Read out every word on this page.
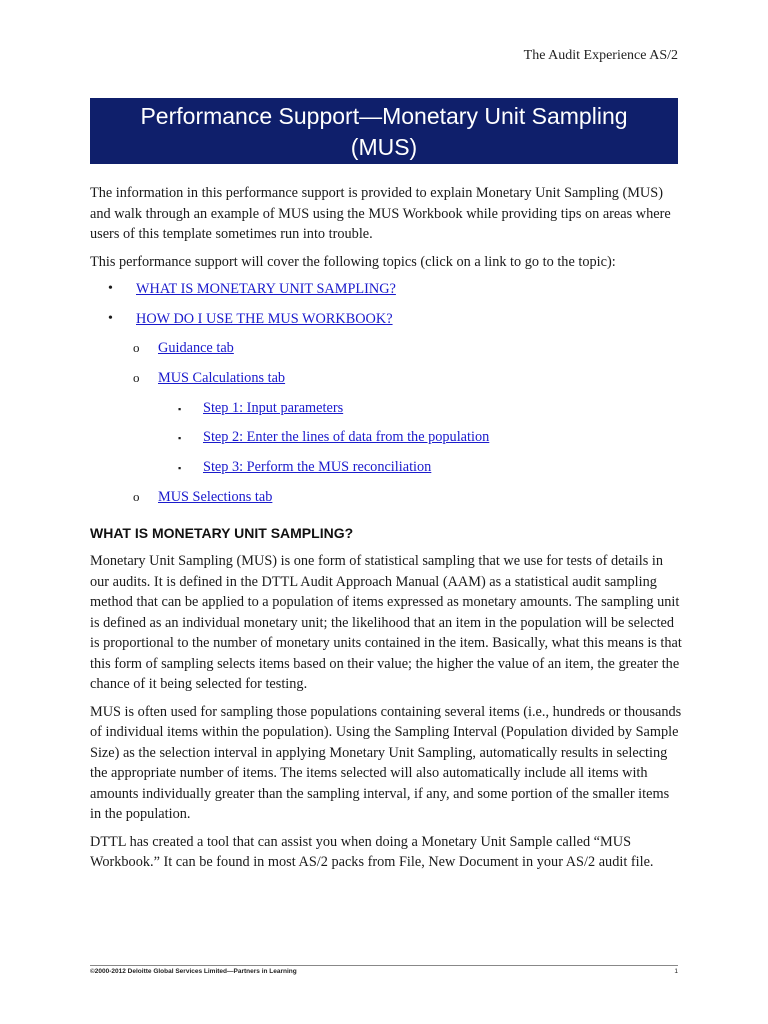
The Audit Experience AS/2
Performance Support—Monetary Unit Sampling
(MUS)

The information in this performance support is provided to explain Monetary Unit Sampling (MUS) and walk through an example of MUS using the MUS Workbook while providing tips on areas where users of this template sometimes run into trouble.

This performance support will cover the following topics (click on a link to go to the topic):

• WHAT IS MONETARY UNIT SAMPLING?
• HOW DO I USE THE MUS WORKBOOK?
o Guidance tab
o MUS Calculations tab
▪ Step 1: Input parameters
▪ Step 2: Enter the lines of data from the population
▪ Step 3: Perform the MUS reconciliation
o MUS Selections tab
WHAT IS MONETARY UNIT SAMPLING?

Monetary Unit Sampling (MUS) is one form of statistical sampling that we use for tests of details in our audits. It is defined in the DTTL Audit Approach Manual (AAM) as a statistical audit sampling method that can be applied to a population of items expressed as monetary amounts. The sampling unit is defined as an individual monetary unit; the likelihood that an item in the population will be selected is proportional to the number of monetary units contained in the item. Basically, what this means is that this form of sampling selects items based on their value; the higher the value of an item, the greater the chance of it being selected for testing.

MUS is often used for sampling those populations containing several items (i.e., hundreds or thousands of individual items within the population). Using the Sampling Interval (Population divided by Sample Size) as the selection interval in applying Monetary Unit Sampling, automatically results in selecting the appropriate number of items. The items selected will also automatically include all items with amounts individually greater than the sampling interval, if any, and some portion of the smaller items in the population.

DTTL has created a tool that can assist you when doing a Monetary Unit Sample called “MUS Workbook.” It can be found in most AS/2 packs from File, New Document in your AS/2 audit file.

©2000-2012 Deloitte Global Services Limited—Partners in Learning	1
